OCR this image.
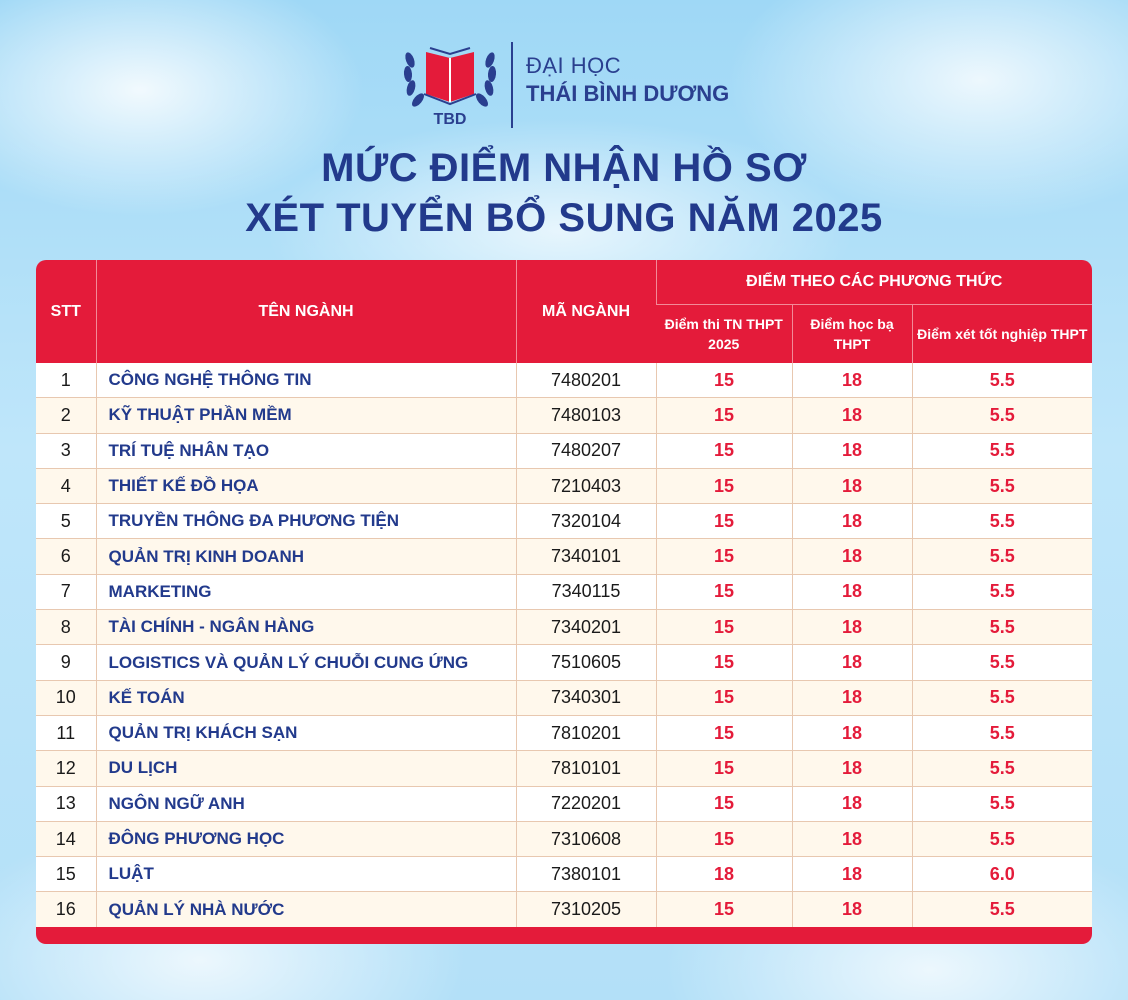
TBD
ĐẠI HỌC
THÁI BÌNH DƯƠNG
MỨC ĐIỂM NHẬN HỒ SƠ
XÉT TUYỂN BỔ SUNG NĂM 2025
STT	TÊN NGÀNH	MÃ NGÀNH	ĐIỂM THEO CÁC PHƯƠNG THỨC		
			Điểm thi TN THPT 2025	Điểm học bạ THPT	Điểm xét tốt nghiệp THPT
1	CÔNG NGHỆ THÔNG TIN	7480201	15	18	5.5
2	KỸ THUẬT PHẦN MỀM	7480103	15	18	5.5
3	TRÍ TUỆ NHÂN TẠO	7480207	15	18	5.5
4	THIẾT KẾ ĐỒ HỌA	7210403	15	18	5.5
5	TRUYỀN THÔNG ĐA PHƯƠNG TIỆN	7320104	15	18	5.5
6	QUẢN TRỊ KINH DOANH	7340101	15	18	5.5
7	MARKETING	7340115	15	18	5.5
8	TÀI CHÍNH - NGÂN HÀNG	7340201	15	18	5.5
9	LOGISTICS VÀ QUẢN LÝ CHUỖI CUNG ỨNG	7510605	15	18	5.5
10	KẾ TOÁN	7340301	15	18	5.5
11	QUẢN TRỊ KHÁCH SẠN	7810201	15	18	5.5
12	DU LỊCH	7810101	15	18	5.5
13	NGÔN NGỮ ANH	7220201	15	18	5.5
14	ĐÔNG PHƯƠNG HỌC	7310608	15	18	5.5
15	LUẬT	7380101	18	18	6.0
16	QUẢN LÝ NHÀ NƯỚC	7310205	15	18	5.5
